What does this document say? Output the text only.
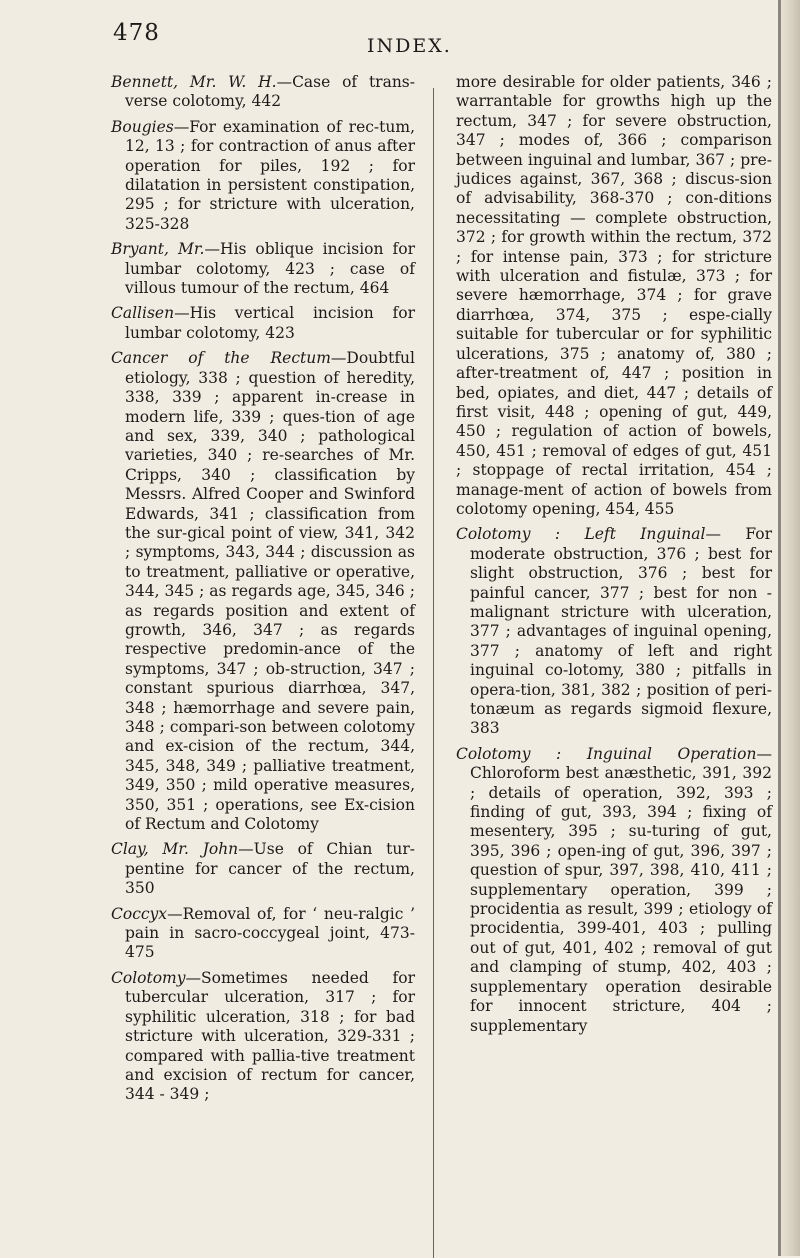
478	INDEX.

Bennett, Mr. W. H.—Case of trans-verse colotomy, 442

Bougies—For examination of rec-tum, 12, 13 ; for contraction of anus after operation for piles, 192 ; for dilatation in persistent constipation, 295 ; for stricture with ulceration, 325-328

Bryant, Mr.—His oblique incision for lumbar colotomy, 423 ; case of villous tumour of the rectum, 464

Callisen—His vertical incision for lumbar colotomy, 423

Cancer of the Rectum—Doubtful etiology, 338 ; question of heredity, 338, 339 ; apparent in-crease in modern life, 339 ; ques-tion of age and sex, 339, 340 ; pathological varieties, 340 ; re-searches of Mr. Cripps, 340 ; classification by Messrs. Alfred Cooper and Swinford Edwards, 341 ; classification from the sur-gical point of view, 341, 342 ; symptoms, 343, 344 ; discussion as to treatment, palliative or operative, 344, 345 ; as regards age, 345, 346 ; as regards position and extent of growth, 346, 347 ; as regards respective predomin-ance of the symptoms, 347 ; ob-struction, 347 ; constant spurious diarrhœa, 347, 348 ; hæmorrhage and severe pain, 348 ; compari-son between colotomy and ex-cision of the rectum, 344, 345, 348, 349 ; palliative treatment, 349, 350 ; mild operative measures, 350, 351 ; operations, see Ex-cision of Rectum and Colotomy

Clay, Mr. John—Use of Chian tur-pentine for cancer of the rectum, 350

Coccyx—Removal of, for ‘ neu-ralgic ’ pain in sacro-coccygeal joint, 473-475

Colotomy—Sometimes needed for tubercular ulceration, 317 ; for syphilitic ulceration, 318 ; for bad stricture with ulceration, 329-331 ; compared with pallia-tive treatment and excision of rectum for cancer, 344 - 349 ;

more desirable for older patients, 346 ; warrantable for growths high up the rectum, 347 ; for severe obstruction, 347 ; modes of, 366 ; comparison between inguinal and lumbar, 367 ; pre-judices against, 367, 368 ; discus-sion of advisability, 368-370 ; con-ditions necessitating — complete obstruction, 372 ; for growth within the rectum, 372 ; for intense pain, 373 ; for stricture with ulceration and fistulæ, 373 ; for severe hæmorrhage, 374 ; for grave diarrhœa, 374, 375 ; espe-cially suitable for tubercular or for syphilitic ulcerations, 375 ; anatomy of, 380 ; after-treatment of, 447 ; position in bed, opiates, and diet, 447 ; details of first visit, 448 ; opening of gut, 449, 450 ; regulation of action of bowels, 450, 451 ; removal of edges of gut, 451 ; stoppage of rectal irritation, 454 ; manage-ment of action of bowels from colotomy opening, 454, 455

Colotomy : Left Inguinal— For moderate obstruction, 376 ; best for slight obstruction, 376 ; best for painful cancer, 377 ; best for non - malignant stricture with ulceration, 377 ; advantages of inguinal opening, 377 ; anatomy of left and right inguinal co-lotomy, 380 ; pitfalls in opera-tion, 381, 382 ; position of peri-tonæum as regards sigmoid flexure, 383

Colotomy : Inguinal Operation— Chloroform best anæsthetic, 391, 392 ; details of operation, 392, 393 ; finding of gut, 393, 394 ; fixing of mesentery, 395 ; su-turing of gut, 395, 396 ; open-ing of gut, 396, 397 ; question of spur, 397, 398, 410, 411 ; supplementary operation, 399 ; procidentia as result, 399 ; etiology of procidentia, 399-401, 403 ; pulling out of gut, 401, 402 ; removal of gut and clamping of stump, 402, 403 ; supplementary operation desirable for innocent stricture, 404 ; supplementary
